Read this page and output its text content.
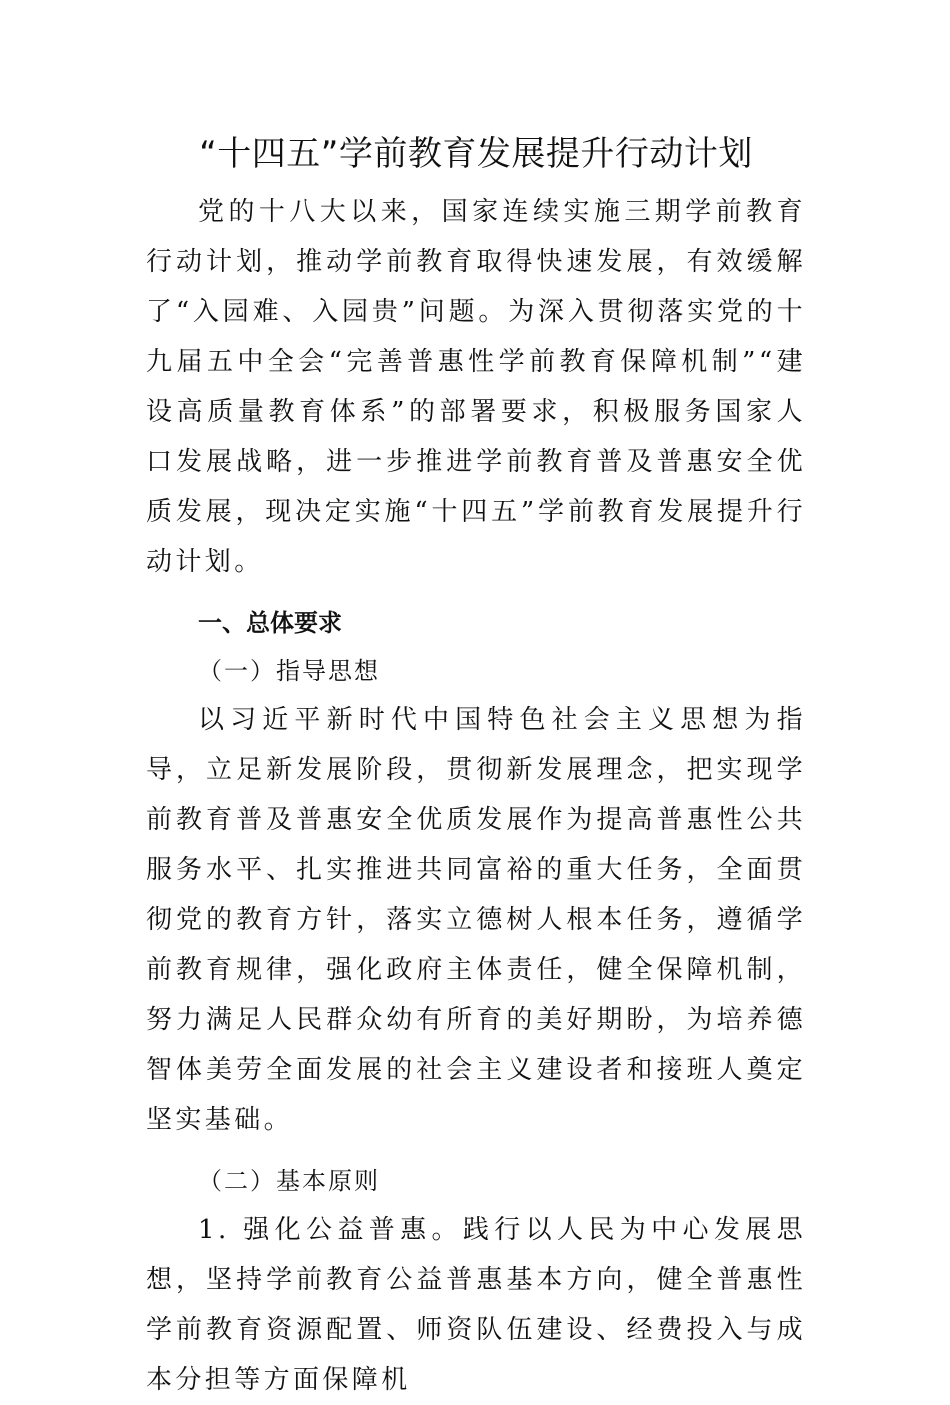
“十四五”学前教育发展提升行动计划

党的十八大以来，国家连续实施三期学前教育行动计划，推动学前教育取得快速发展，有效缓解了“入园难、入园贵”问题。为深入贯彻落实党的十九届五中全会“完善普惠性学前教育保障机制”“建设高质量教育体系”的部署要求，积极服务国家人口发展战略，进一步推进学前教育普及普惠安全优质发展，现决定实施“十四五”学前教育发展提升行动计划。

一、总体要求

（一）指导思想

以习近平新时代中国特色社会主义思想为指导，立足新发展阶段，贯彻新发展理念，把实现学前教育普及普惠安全优质发展作为提高普惠性公共服务水平、扎实推进共同富裕的重大任务，全面贯彻党的教育方针，落实立德树人根本任务，遵循学前教育规律，强化政府主体责任，健全保障机制，努力满足人民群众幼有所育的美好期盼，为培养德智体美劳全面发展的社会主义建设者和接班人奠定坚实基础。

（二）基本原则

1. 强化公益普惠。践行以人民为中心发展思想，坚持学前教育公益普惠基本方向，健全普惠性学前教育资源配置、师资队伍建设、经费投入与成本分担等方面保障机
